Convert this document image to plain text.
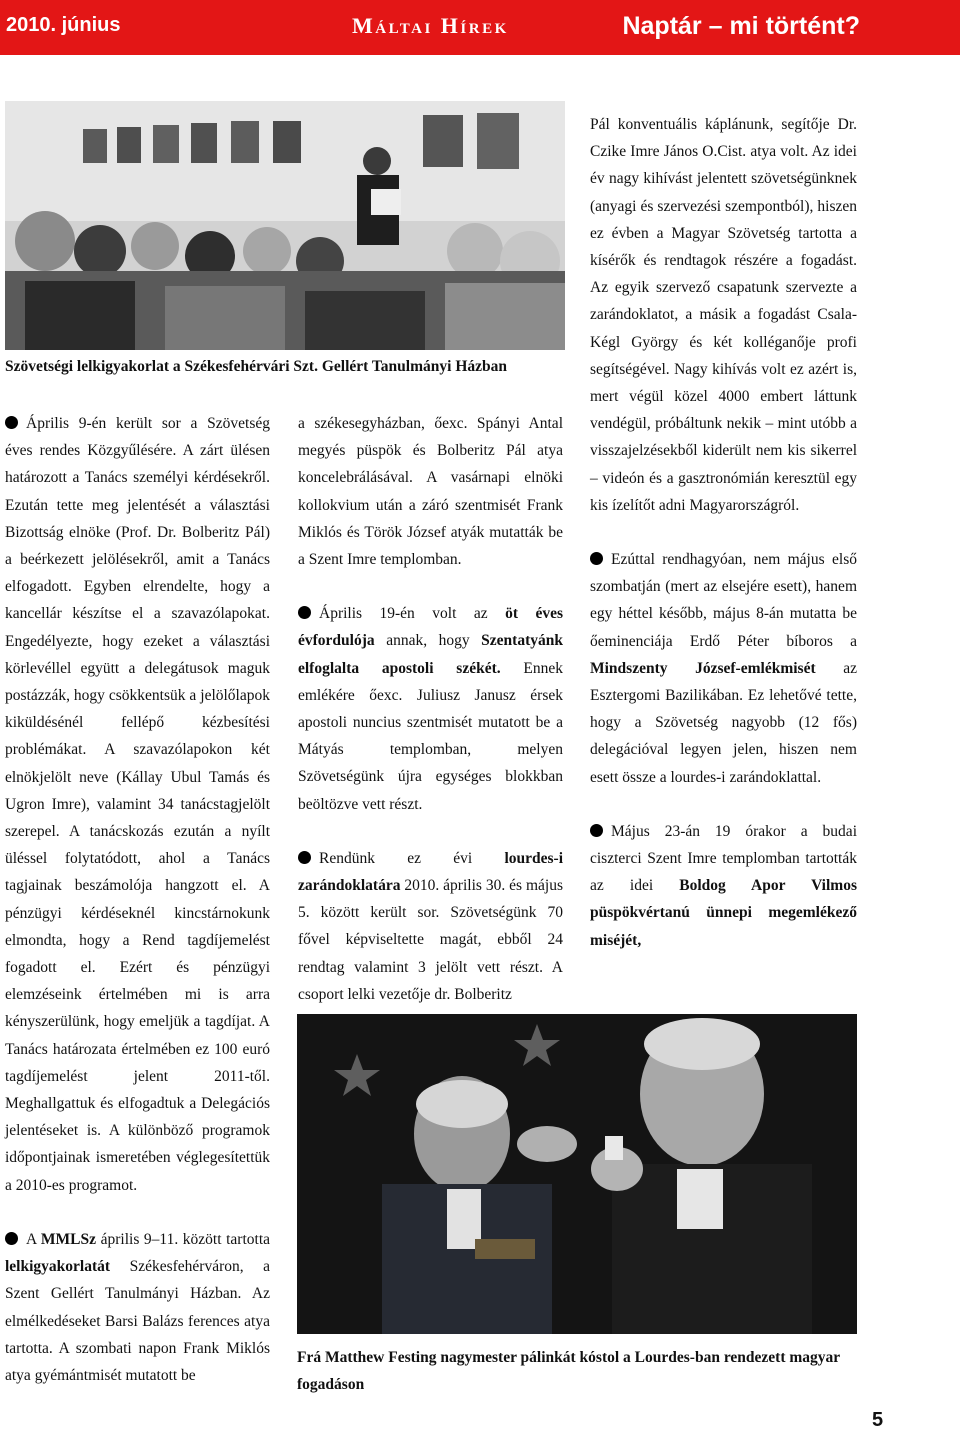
2010. június	Máltai Hírek	Naptár – mi történt?
Szövetségi lelkigyakorlat a Székesfehérvári Szt. Gellért Tanulmányi Házban

Április 9-én került sor a Szövetség éves rendes Közgyűlésére. A zárt ülésen határozott a Tanács személyi kérdésekről. Ezután tette meg jelentését a választási Bizottság elnöke (Prof. Dr. Bolberitz Pál) a beérkezett jelölésekről, amit a Tanács elfogadott. Egyben elrendelte, hogy a kancellár készítse el a szavazólapokat. Engedélyezte, hogy ezeket a választási körlevéllel együtt a delegátusok maguk postázzák, hogy csökkentsük a jelölőlapok kiküldésénél fellépő kézbesítési problémákat. A szavazólapokon két elnökjelölt neve (Kállay Ubul Tamás és Ugron Imre), valamint 34 tanácstagjelölt szerepel. A tanácskozás ezután a nyílt üléssel folytatódott, ahol a Tanács tagjainak beszámolója hangzott el. A pénzügyi kérdéseknél kincstárnokunk elmondta, hogy a Rend tagdíjemelést fogadott el. Ezért és pénzügyi elemzéseink értelmében mi is arra kényszerülünk, hogy emeljük a tagdíjat. A Tanács határozata értelmében ez 100 euró tagdíjemelést jelent 2011-től. Meghallgattuk és elfogadtuk a Delegációs jelentéseket is. A különböző programok időpontjainak ismeretében véglegesítettük a 2010-es programot.

A MMLSz április 9–11. között tartotta lelkigyakorlatát Székesfehérváron, a Szent Gellért Tanulmányi Házban. Az elmélkedéseket Barsi Balázs ferences atya tartotta. A szombati napon Frank Miklós atya gyémántmisét mutatott be

a székesegyházban, őexc. Spányi Antal megyés püspök és Bolberitz Pál atya koncelebrálásával. A vasárnapi elnöki kollokvium után a záró szentmisét Frank Miklós és Török József atyák mutatták be a Szent Imre templomban.

Április 19-én volt az öt éves évfordulója annak, hogy Szentatyánk elfoglalta apostoli székét. Ennek emlékére őexc. Juliusz Janusz érsek apostoli nuncius szentmisét mutatott be a Mátyás templomban, melyen Szövetségünk újra egységes blokkban beöltözve vett részt.

Rendünk ez évi lourdes-i zarándoklatára 2010. április 30. és május 5. között került sor. Szövetségünk 70 fővel képviseltette magát, ebből 24 rendtag valamint 3 jelölt vett részt. A csoport lelki vezetője dr. Bolberitz

Pál konventuális káplánunk, segítője Dr. Czike Imre János O.Cist. atya volt. Az idei év nagy kihívást jelentett szövetségünknek (anyagi és szervezési szempontból), hiszen ez évben a Magyar Szövetség tartotta a kísérők és rendtagok részére a fogadást. Az egyik szervező csapatunk szervezte a zarándoklatot, a másik a fogadást Csala-Kégl György és két kolléganője profi segítségével. Nagy kihívás volt ez azért is, mert végül közel 4000 embert láttunk vendégül, próbáltunk nekik – mint utóbb a visszajelzésekből kiderült nem kis sikerrel – videón és a gasztronómián keresztül egy kis ízelítőt adni Magyarországról.

Ezúttal rendhagyóan, nem május első szombatján (mert az elsejére esett), hanem egy héttel később, május 8-án mutatta be őeminenciája Erdő Péter bíboros a Mindszenty József-emlékmisét az Esztergomi Bazilikában. Ez lehetővé tette, hogy a Szövetség nagyobb (12 fős) delegációval legyen jelen, hiszen nem esett össze a lourdes-i zarándoklattal.

Május 23-án 19 órakor a budai ciszterci Szent Imre templomban tartották az idei Boldog Apor Vilmos püspökvértanú ünnepi megemlékező miséjét,

Frá Matthew Festing nagymester pálinkát kóstol a Lourdes-ban rendezett magyar fogadáson
5
